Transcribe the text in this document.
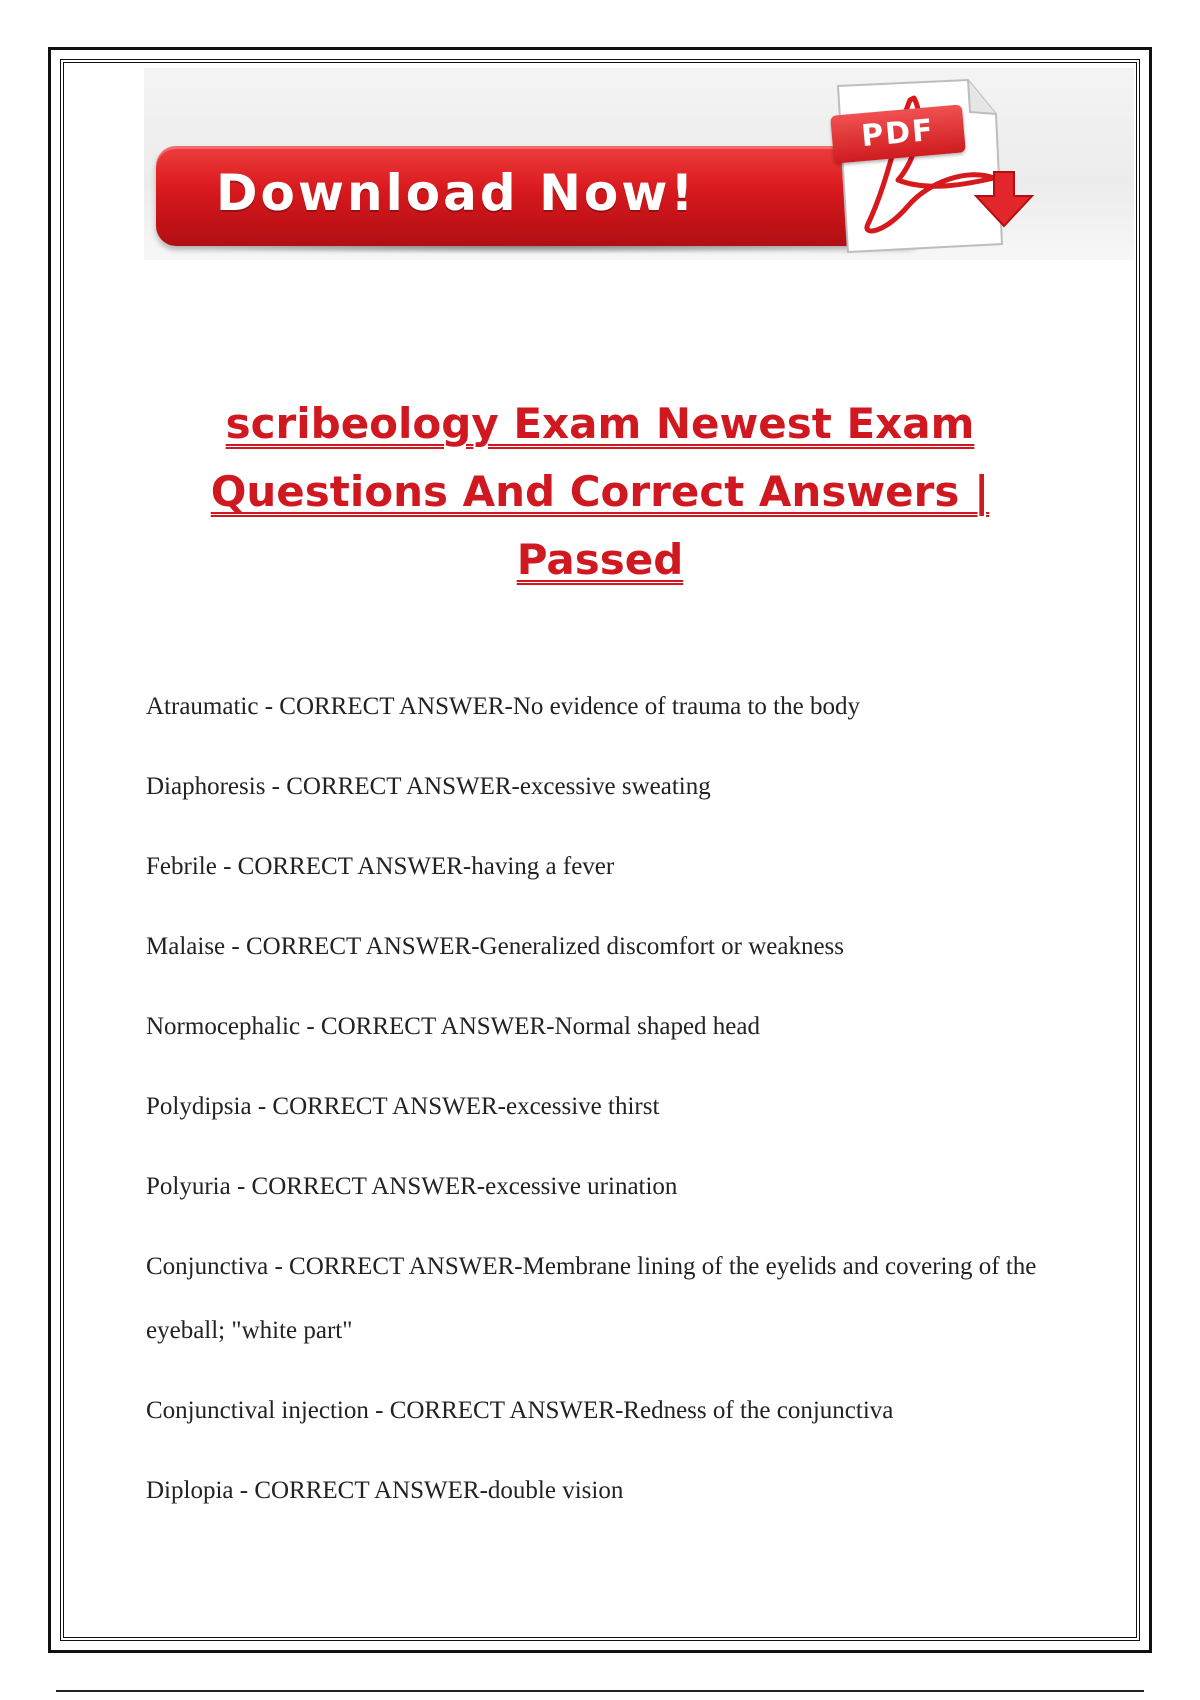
Download Now!
PDF
scribeology Exam Newest Exam Questions And Correct Answers | Passed
Atraumatic - CORRECT ANSWER-No evidence of trauma to the body
Diaphoresis - CORRECT ANSWER-excessive sweating
Febrile - CORRECT ANSWER-having a fever
Malaise - CORRECT ANSWER-Generalized discomfort or weakness
Normocephalic - CORRECT ANSWER-Normal shaped head
Polydipsia - CORRECT ANSWER-excessive thirst
Polyuria - CORRECT ANSWER-excessive urination
Conjunctiva - CORRECT ANSWER-Membrane lining of the eyelids and covering of the eyeball; "white part"
Conjunctival injection - CORRECT ANSWER-Redness of the conjunctiva
Diplopia - CORRECT ANSWER-double vision
